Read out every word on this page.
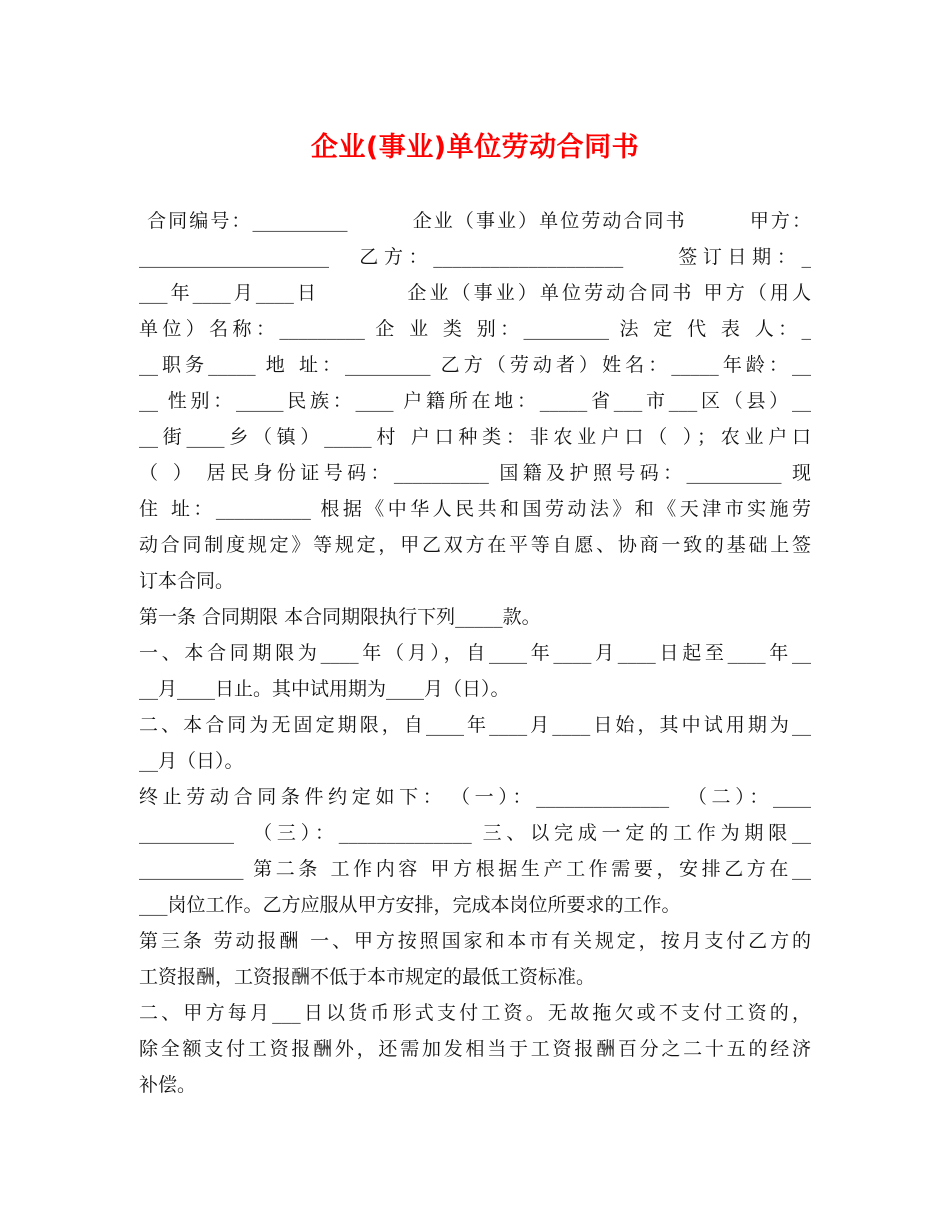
企业(事业)单位劳动合同书
合同编号：__________　　　企业（事业）单位劳动合同书　　　甲方：
____________________　乙方：____________________　　签订日期：_
___年____月____日　　　　企业（事业）单位劳动合同书 甲方（用人
单位）名称：_________ 企 业 类 别：_________ 法 定 代 表 人：_
__职务_____ 地 址：_________ 乙方（劳动者）姓名：_____年龄：__
__ 性别：_____民族：____ 户籍所在地：_____省___市___区（县）__
__街____乡（镇）_____村 户口种类：非农业户口（ ）；农业户口
（ ） 居民身份证号码：__________ 国籍及护照号码：__________ 现
住 址：__________ 根据《中华人民共和国劳动法》和《天津市实施劳
动合同制度规定》等规定，甲乙双方在平等自愿、协商一致的基础上签
订本合同。
第一条 合同期限 本合同期限执行下列_____款。
一、本合同期限为____年（月），自____年____月____日起至____年__
__月____日止。其中试用期为____月（日）。
二、本合同为无固定期限，自____年____月____日始，其中试用期为__
__月（日）。
终止劳动合同条件约定如下：　（一）：______________　（二）：____
__________　（三）：______________ 三、以完成一定的工作为期限__
___________ 第二条 工作内容 甲方根据生产工作需要，安排乙方在__
___岗位工作。乙方应服从甲方安排，完成本岗位所要求的工作。
第三条 劳动报酬 一、甲方按照国家和本市有关规定，按月支付乙方的
工资报酬，工资报酬不低于本市规定的最低工资标准。
二、甲方每月___日以货币形式支付工资。无故拖欠或不支付工资的，
除全额支付工资报酬外，还需加发相当于工资报酬百分之二十五的经济
补偿。
